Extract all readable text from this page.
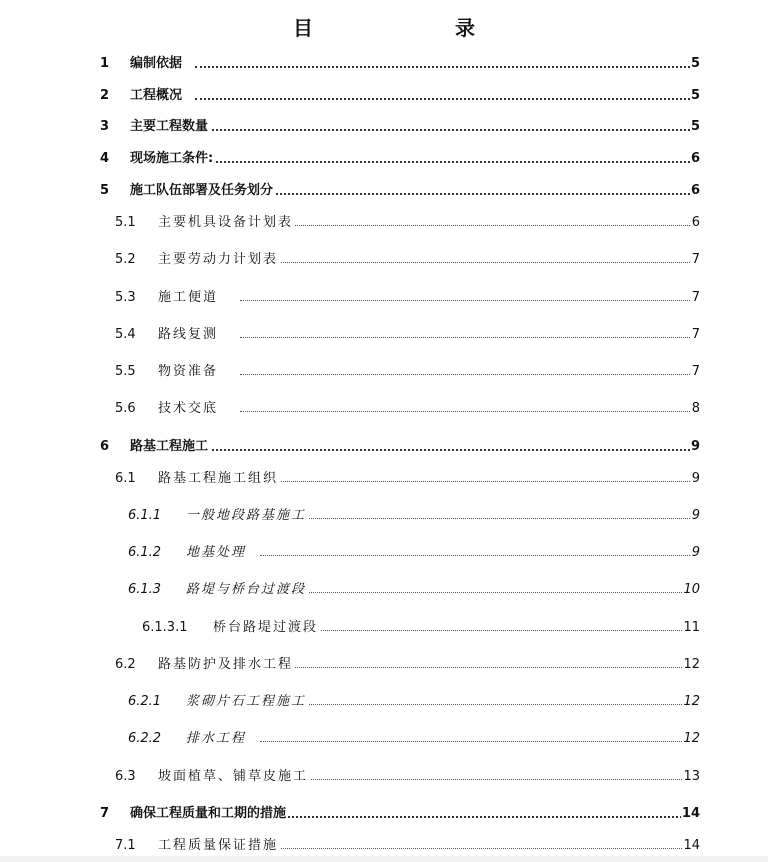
目　　录
1 编制依据	5
2 工程概况	5
3 主要工程数量	5
4 现场施工条件:	6
5 施工队伍部署及任务划分	6
5.1 主要机具设备计划表	6
5.2 主要劳动力计划表	7
5.3 施工便道	7
5.4 路线复测	7
5.5 物资准备	7
5.6 技术交底	8
6 路基工程施工	9
6.1 路基工程施工组织	9
6.1.1 一般地段路基施工	9
6.1.2 地基处理	9
6.1.3 路堤与桥台过渡段	10
6.1.3.1 桥台路堤过渡段	11
6.2 路基防护及排水工程	12
6.2.1 浆砌片石工程施工	12
6.2.2 排水工程	12
6.3 坡面植草、铺草皮施工	13
7 确保工程质量和工期的措施	14
7.1 工程质量保证措施	14
